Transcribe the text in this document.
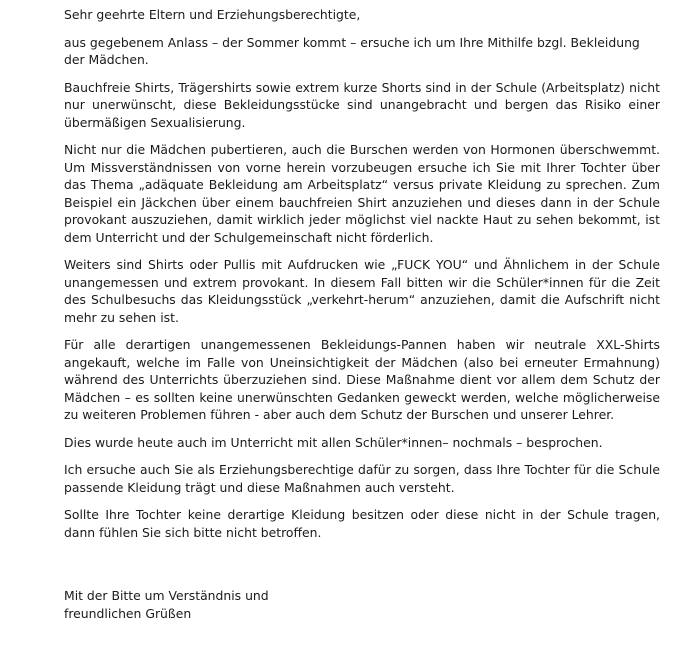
Sehr geehrte Eltern und Erziehungsberechtigte,

aus gegebenem Anlass – der Sommer kommt – ersuche ich um Ihre Mithilfe bzgl. Bekleidung der Mädchen.

Bauchfreie Shirts, Trägershirts sowie extrem kurze Shorts sind in der Schule (Arbeitsplatz) nicht nur unerwünscht, diese Bekleidungsstücke sind unangebracht und bergen das Risiko einer übermäßigen Sexualisierung.

Nicht nur die Mädchen pubertieren, auch die Burschen werden von Hormonen überschwemmt. Um Missverständnissen von vorne herein vorzubeugen ersuche ich Sie mit Ihrer Tochter über das Thema „adäquate Bekleidung am Arbeitsplatz“ versus private Kleidung zu sprechen. Zum Beispiel ein Jäckchen über einem bauchfreien Shirt anzuziehen und dieses dann in der Schule provokant auszuziehen, damit wirklich jeder möglichst viel nackte Haut zu sehen bekommt, ist dem Unterricht und der Schulgemeinschaft nicht förderlich.

Weiters sind Shirts oder Pullis mit Aufdrucken wie „FUCK YOU“ und Ähnlichem in der Schule unangemessen und extrem provokant. In diesem Fall bitten wir die Schüler*innen für die Zeit des Schulbesuchs das Kleidungsstück „verkehrt-herum“ anzuziehen, damit die Aufschrift nicht mehr zu sehen ist.

Für alle derartigen unangemessenen Bekleidungs-Pannen haben wir neutrale XXL-Shirts angekauft, welche im Falle von Uneinsichtigkeit der Mädchen (also bei erneuter Ermahnung) während des Unterrichts überzuziehen sind. Diese Maßnahme dient vor allem dem Schutz der Mädchen – es sollten keine unerwünschten Gedanken geweckt werden, welche möglicherweise zu weiteren Problemen führen - aber auch dem Schutz der Burschen und unserer Lehrer.

Dies wurde heute auch im Unterricht mit allen Schüler*innen– nochmals – besprochen.

Ich ersuche auch Sie als Erziehungsberechtige dafür zu sorgen, dass Ihre Tochter für die Schule passende Kleidung trägt und diese Maßnahmen auch versteht.

Sollte Ihre Tochter keine derartige Kleidung besitzen oder diese nicht in der Schule tragen, dann fühlen Sie sich bitte nicht betroffen.

Mit der Bitte um Verständnis und
freundlichen Grüßen
